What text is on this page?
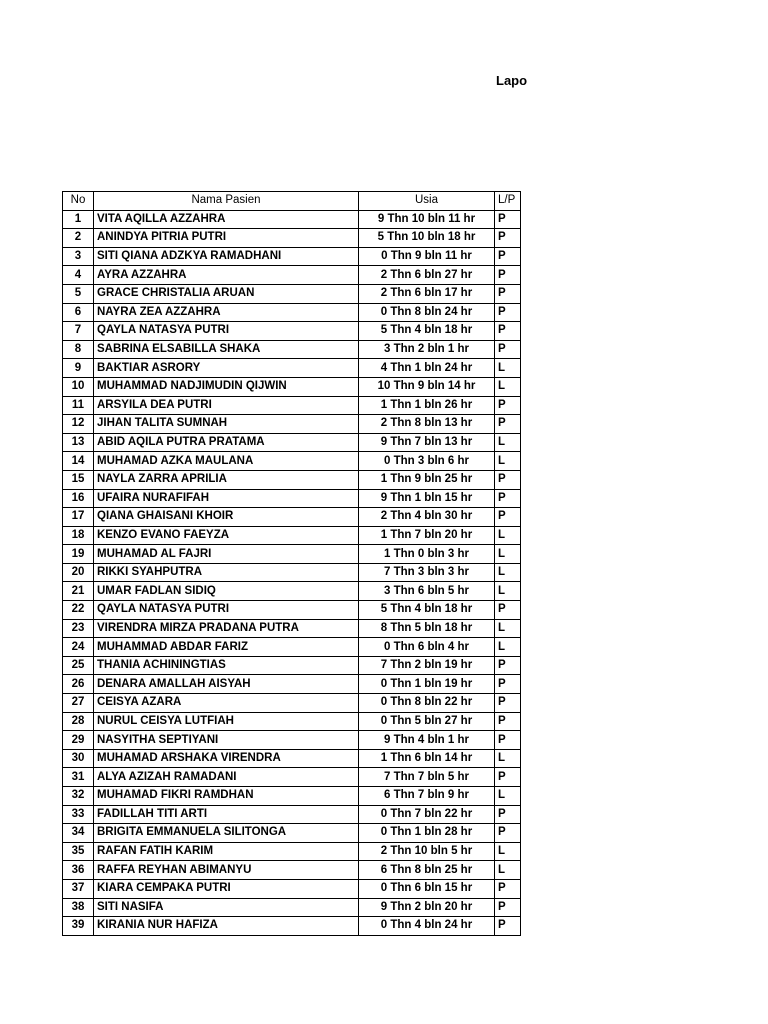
Lapo
No	Nama Pasien	Usia	L/P
1	VITA AQILLA AZZAHRA	9 Thn 10 bln 11 hr	P
2	ANINDYA PITRIA PUTRI	5 Thn 10 bln 18 hr	P
3	SITI QIANA ADZKYA RAMADHANI	0 Thn 9 bln 11 hr	P
4	AYRA AZZAHRA	2 Thn 6 bln 27 hr	P
5	GRACE CHRISTALIA ARUAN	2 Thn 6 bln 17 hr	P
6	NAYRA ZEA AZZAHRA	0 Thn 8 bln 24 hr	P
7	QAYLA NATASYA PUTRI	5 Thn 4 bln 18 hr	P
8	SABRINA ELSABILLA SHAKA	3 Thn 2 bln 1 hr	P
9	BAKTIAR ASRORY	4 Thn 1 bln 24 hr	L
10	MUHAMMAD NADJIMUDIN QIJWIN	10 Thn 9 bln 14 hr	L
11	ARSYILA DEA PUTRI	1 Thn 1 bln 26 hr	P
12	JIHAN TALITA SUMNAH	2 Thn 8 bln 13 hr	P
13	ABID AQILA PUTRA PRATAMA	9 Thn 7 bln 13 hr	L
14	MUHAMAD AZKA MAULANA	0 Thn 3 bln 6 hr	L
15	NAYLA ZARRA APRILIA	1 Thn 9 bln 25 hr	P
16	UFAIRA NURAFIFAH	9 Thn 1 bln 15 hr	P
17	QIANA GHAISANI KHOIR	2 Thn 4 bln 30 hr	P
18	KENZO EVANO FAEYZA	1 Thn 7 bln 20 hr	L
19	MUHAMAD AL FAJRI	1 Thn 0 bln 3 hr	L
20	RIKKI SYAHPUTRA	7 Thn 3 bln 3 hr	L
21	UMAR FADLAN SIDIQ	3 Thn 6 bln 5 hr	L
22	QAYLA NATASYA PUTRI	5 Thn 4 bln 18 hr	P
23	VIRENDRA MIRZA PRADANA PUTRA	8 Thn 5 bln 18 hr	L
24	MUHAMMAD ABDAR FARIZ	0 Thn 6 bln 4 hr	L
25	THANIA ACHININGTIAS	7 Thn 2 bln 19 hr	P
26	DENARA AMALLAH AISYAH	0 Thn 1 bln 19 hr	P
27	CEISYA AZARA	0 Thn 8 bln 22 hr	P
28	NURUL CEISYA LUTFIAH	0 Thn 5 bln 27 hr	P
29	NASYITHA SEPTIYANI	9 Thn 4 bln 1 hr	P
30	MUHAMAD ARSHAKA VIRENDRA	1 Thn 6 bln 14 hr	L
31	ALYA AZIZAH RAMADANI	7 Thn 7 bln 5 hr	P
32	MUHAMAD FIKRI RAMDHAN	6 Thn 7 bln 9 hr	L
33	FADILLAH TITI ARTI	0 Thn 7 bln 22 hr	P
34	BRIGITA EMMANUELA SILITONGA	0 Thn 1 bln 28 hr	P
35	RAFAN FATIH KARIM	2 Thn 10 bln 5 hr	L
36	RAFFA REYHAN ABIMANYU	6 Thn 8 bln 25 hr	L
37	KIARA CEMPAKA PUTRI	0 Thn 6 bln 15 hr	P
38	SITI NASIFA	9 Thn 2 bln 20 hr	P
39	KIRANIA NUR HAFIZA	0 Thn 4 bln 24 hr	P
